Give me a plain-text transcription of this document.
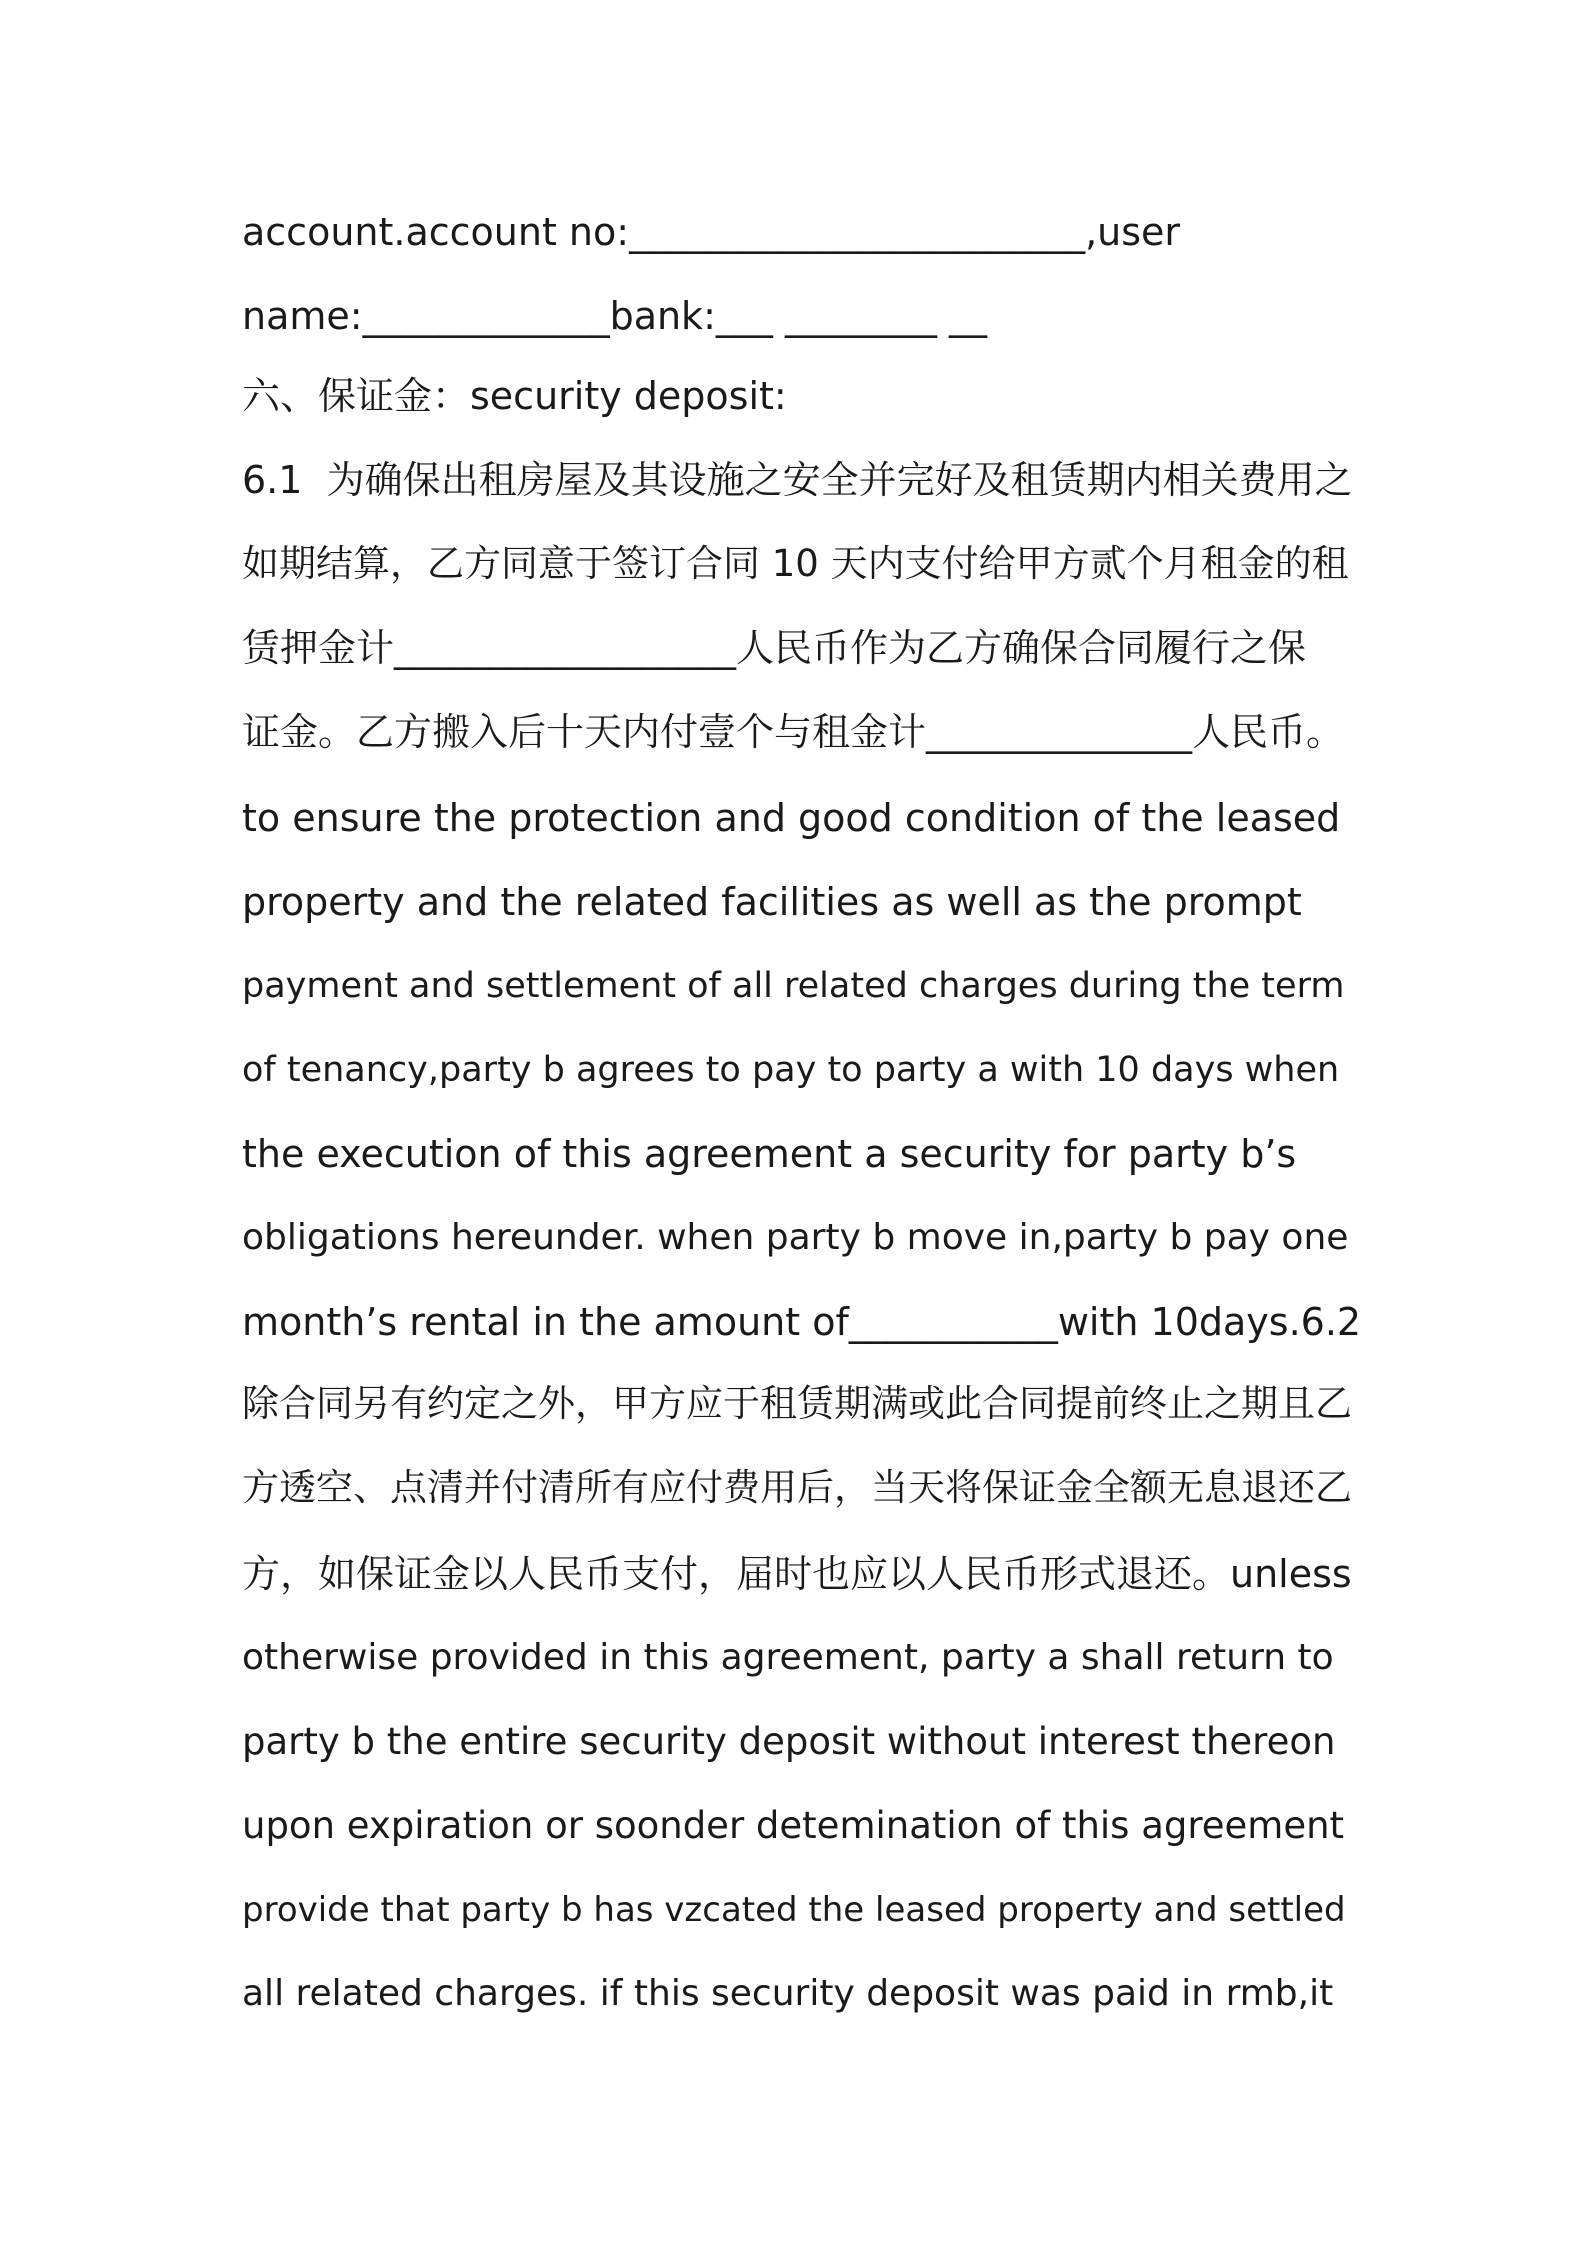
account.account no:________________________,user
name:_____________bank:___ ________ __
六、保证金：security deposit:
6.1  为确保出租房屋及其设施之安全并完好及租赁期内相关费用之
如期结算，乙方同意于签订合同 10 天内支付给甲方贰个月租金的租
赁押金计__________________人民币作为乙方确保合同履行之保
证金。乙方搬入后十天内付壹个与租金计______________人民币。
to ensure the protection and good condition of the leased
property and the related facilities as well as the prompt
payment and settlement of all related charges during the term
of tenancy,party b agrees to pay to party a with 10 days when
the execution of this agreement a security for party b’s
obligations hereunder. when party b move in,party b pay one
month’s rental in the amount of___________with 10days.6.2
除合同另有约定之外，甲方应于租赁期满或此合同提前终止之期且乙
方透空、点清并付清所有应付费用后，当天将保证金全额无息退还乙
方，如保证金以人民币支付，届时也应以人民币形式退还。unless
otherwise provided in this agreement, party a shall return to
party b the entire security deposit without interest thereon
upon expiration or soonder detemination of this agreement
provide that party b has vzcated the leased property and settled
all related charges. if this security deposit was paid in rmb,it
